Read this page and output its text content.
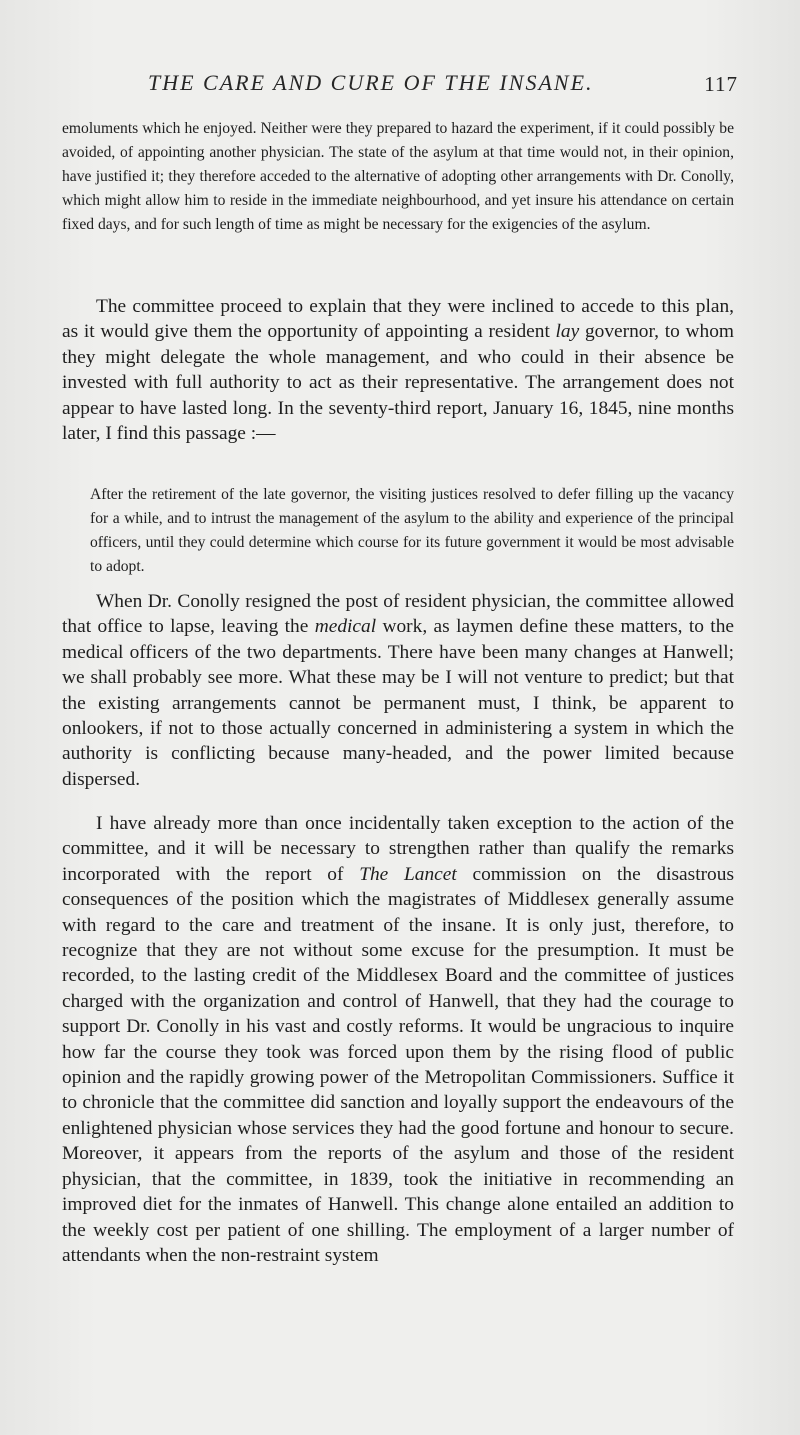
THE CARE AND CURE OF THE INSANE.	117

emoluments which he enjoyed. Neither were they prepared to hazard the experiment, if it could possibly be avoided, of appointing another physician. The state of the asylum at that time would not, in their opinion, have justified it; they therefore acceded to the alternative of adopting other arrangements with Dr. Conolly, which might allow him to reside in the immediate neighbourhood, and yet insure his attendance on certain fixed days, and for such length of time as might be necessary for the exigencies of the asylum.

The committee proceed to explain that they were inclined to accede to this plan, as it would give them the opportunity of appointing a resident lay governor, to whom they might delegate the whole management, and who could in their absence be invested with full authority to act as their representative. The arrangement does not appear to have lasted long. In the seventy-third report, January 16, 1845, nine months later, I find this passage :—

After the retirement of the late governor, the visiting justices resolved to defer filling up the vacancy for a while, and to intrust the management of the asylum to the ability and experience of the principal officers, until they could determine which course for its future government it would be most advisable to adopt.

When Dr. Conolly resigned the post of resident physician, the committee allowed that office to lapse, leaving the medical work, as laymen define these matters, to the medical officers of the two departments. There have been many changes at Hanwell; we shall probably see more. What these may be I will not venture to predict; but that the existing arrangements cannot be permanent must, I think, be apparent to onlookers, if not to those actually concerned in administering a system in which the authority is conflicting because many-headed, and the power limited because dispersed.

I have already more than once incidentally taken exception to the action of the committee, and it will be necessary to strengthen rather than qualify the remarks incorporated with the report of The Lancet commission on the disastrous consequences of the position which the magistrates of Middlesex generally assume with regard to the care and treatment of the insane. It is only just, therefore, to recognize that they are not without some excuse for the presumption. It must be recorded, to the lasting credit of the Middlesex Board and the committee of justices charged with the organization and control of Hanwell, that they had the courage to support Dr. Conolly in his vast and costly reforms. It would be ungracious to inquire how far the course they took was forced upon them by the rising flood of public opinion and the rapidly growing power of the Metropolitan Commissioners. Suffice it to chronicle that the committee did sanction and loyally support the endeavours of the enlightened physician whose services they had the good fortune and honour to secure. Moreover, it appears from the reports of the asylum and those of the resident physician, that the committee, in 1839, took the initiative in recommending an improved diet for the inmates of Hanwell. This change alone entailed an addition to the weekly cost per patient of one shilling. The employment of a larger number of attendants when the non-restraint system
